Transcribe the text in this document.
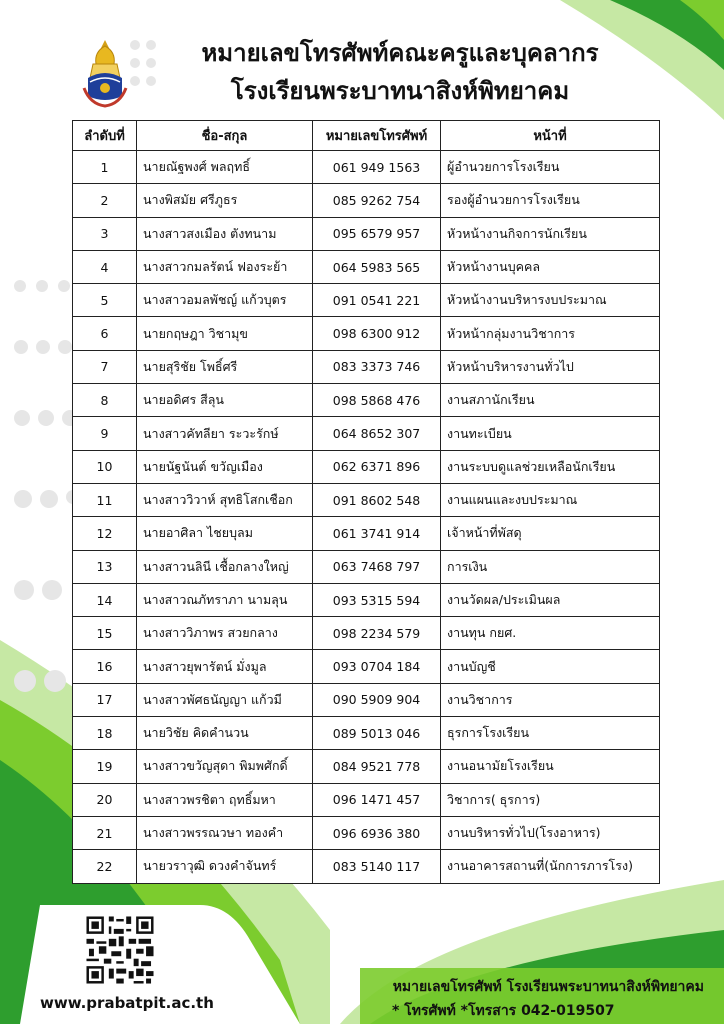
หมายเลขโทรศัพท์คณะครูและบุคลากร
โรงเรียนพระบาทนาสิงห์พิทยาคม
ลำดับที่	ชื่อ-สกุล	หมายเลขโทรศัพท์	หน้าที่
1	นายณัฐพงศ์ พลฤทธิ์	061 949 1563	ผู้อำนวยการโรงเรียน
2	นางพิสมัย ศรีภูธร	085 9262 754	รองผู้อำนวยการโรงเรียน
3	นางสาวสงเมือง ตังทนาม	095 6579 957	หัวหน้างานกิจการนักเรียน
4	นางสาวกมลรัตน์ ฟองระย้า	064 5983 565	หัวหน้างานบุคคล
5	นางสาวอมลพัชญ์ แก้วบุตร	091 0541 221	หัวหน้างานบริหารงบประมาณ
6	นายกฤษฎา วิชามุข	098 6300 912	หัวหน้ากลุ่มงานวิชาการ
7	นายสุริชัย โพธิ์ศรี	083 3373 746	หัวหน้าบริหารงานทั่วไป
8	นายอดิศร สีลุน	098 5868 476	งานสภานักเรียน
9	นางสาวคัทลียา ระวะรักษ์	064 8652 307	งานทะเบียน
10	นายนัฐนันต์ ขวัญเมือง	062 6371 896	งานระบบดูแลช่วยเหลือนักเรียน
11	นางสาววิวาห์ สุทธิโสกเชือก	091 8602 548	งานแผนและงบประมาณ
12	นายอาศิลา ไชยบุลม	061 3741 914	เจ้าหน้าที่พัสดุ
13	นางสาวนลินี เชื้อกลางใหญ่	063 7468 797	การเงิน
14	นางสาวณภัทราภา นามลุน	093 5315 594	งานวัดผล/ประเมินผล
15	นางสาววิภาพร สวยกลาง	098 2234 579	งานทุน กยศ.
16	นางสาวยุพารัตน์ มั่งมูล	093 0704 184	งานบัญชี
17	นางสาวพัศธนัญญา แก้วมี	090 5909 904	งานวิชาการ
18	นายวิชัย คิดคำนวน	089 5013 046	ธุรการโรงเรียน
19	นางสาวขวัญสุดา พิมพศักดิ์	084 9521 778	งานอนามัยโรงเรียน
20	นางสาวพรชิตา ฤทธิ์มหา	096 1471 457	วิชาการ( ธุรการ)
21	นางสาวพรรณวษา ทองคำ	096 6936 380	งานบริหารทั่วไป(โรงอาหาร)
22	นายวราวุฒิ ดวงคำจันทร์	083 5140 117	งานอาคารสถานที่(นักการภารโรง)
www.prabatpit.ac.th
หมายเลขโทรศัพท์ โรงเรียนพระบาทนาสิงห์พิทยาคม
* โทรศัพท์ *โทรสาร 042-019507
